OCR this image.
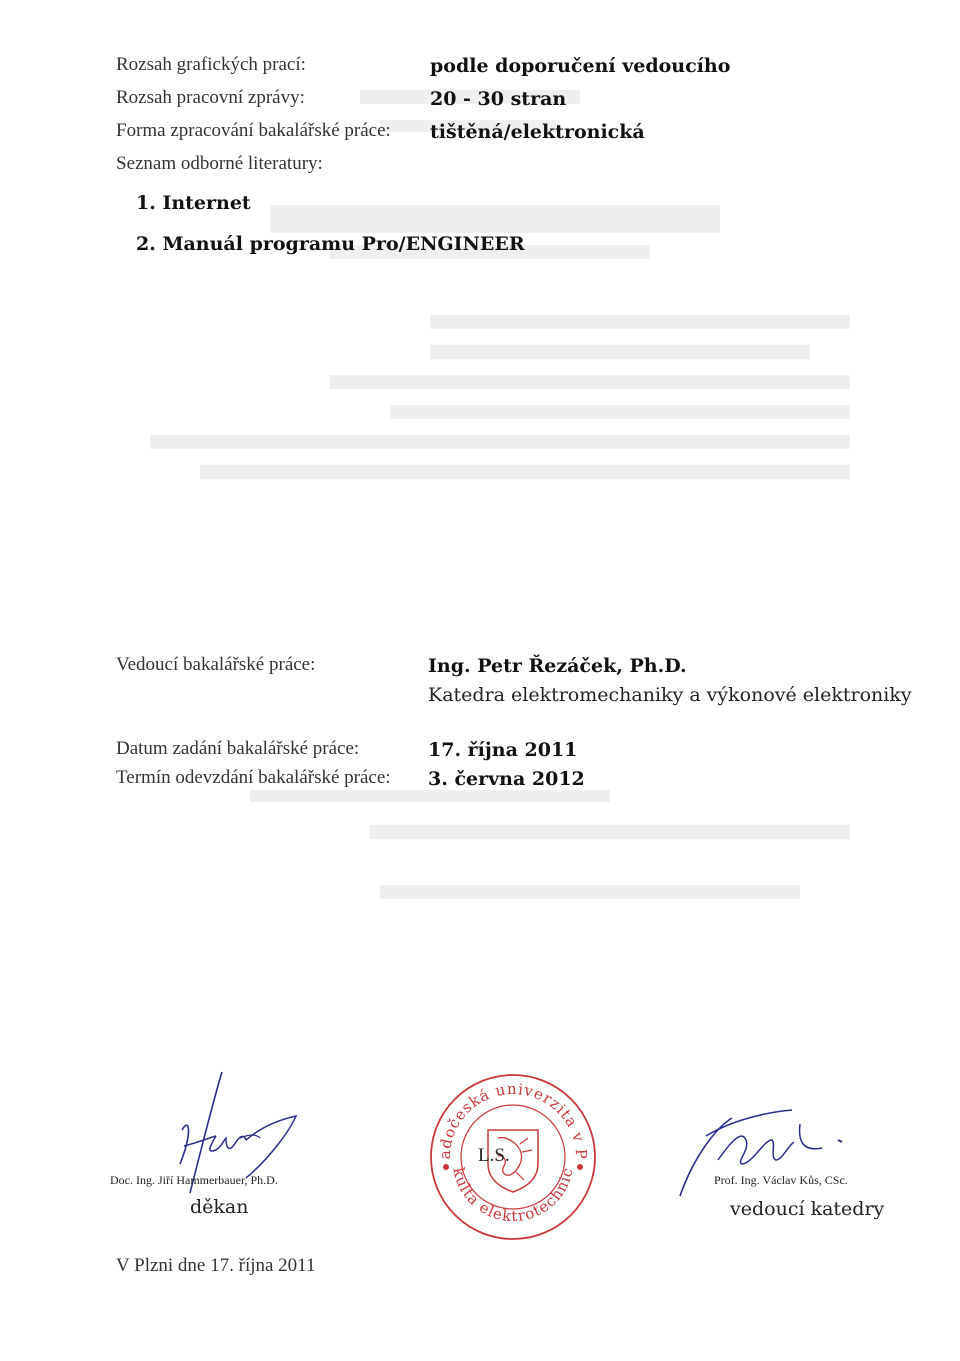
Rozsah grafických prací:	podle doporučení vedoucího
Rozsah pracovní zprávy:	20 - 30 stran
Forma zpracování bakalářské práce: tištěná/elektronická
Seznam odborné literatury:
1. Internet
2. Manuál programu Pro/ENGINEER
Vedoucí bakalářské práce:	Ing. Petr Řezáček, Ph.D.
Katedra elektromechaniky a výkonové elektroniky
Datum zadání bakalářské práce:	17. října 2011
Termín odevzdání bakalářské práce: 3. června 2012
Doc. Ing. Jiří Hammerbauer, Ph.D.
děkan
adočeská univerzita v P
kulta elektrotechnic
L.S.
Prof. Ing. Václav Kůs, CSc.
vedoucí katedry
V Plzni dne 17. října 2011
